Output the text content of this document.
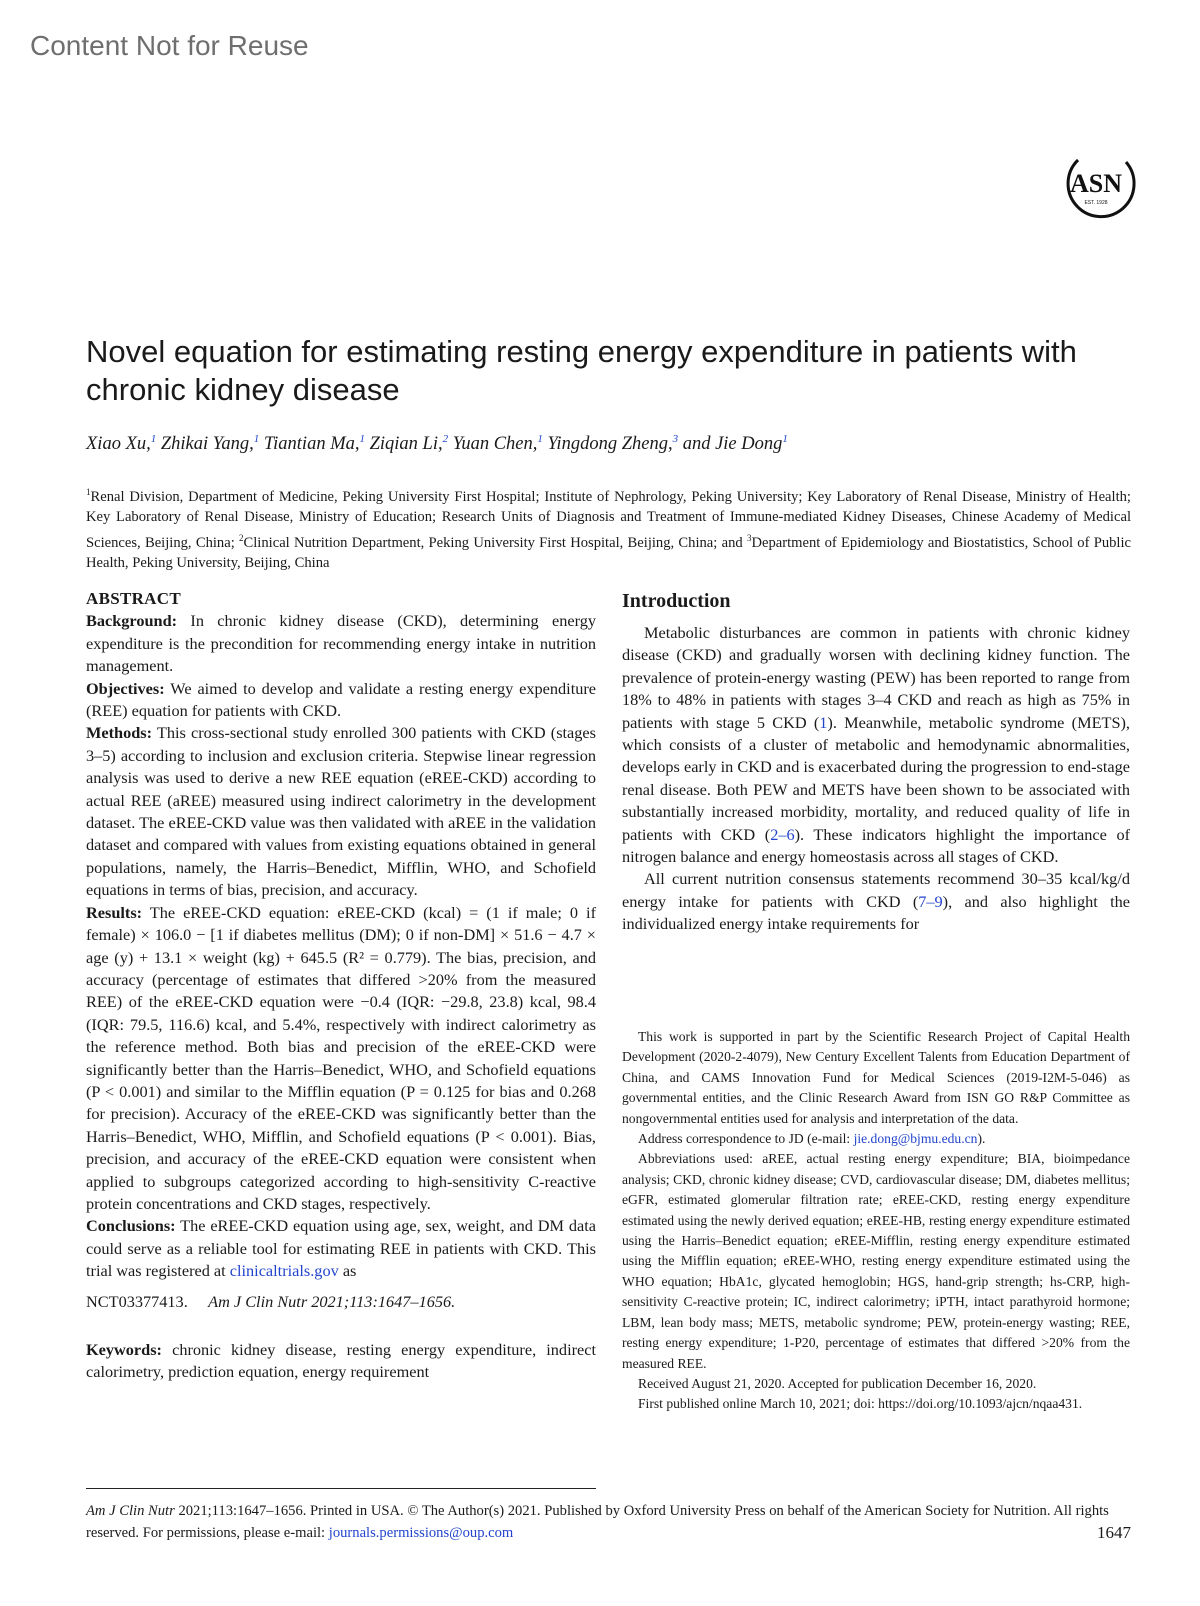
Content Not for Reuse
ASN
EST. 1928
Novel equation for estimating resting energy expenditure in patients with chronic kidney disease
Xiao Xu,$^1$ Zhikai Yang,$^1$ Tiantian Ma,$^1$ Ziqian Li,$^2$ Yuan Chen,$^1$ Yingdong Zheng,$^3$ and Jie Dong$^1$
$^1$Renal Division, Department of Medicine, Peking University First Hospital; Institute of Nephrology, Peking University; Key Laboratory of Renal Disease, Ministry of Health; Key Laboratory of Renal Disease, Ministry of Education; Research Units of Diagnosis and Treatment of Immune-mediated Kidney Diseases, Chinese Academy of Medical Sciences, Beijing, China; $^2$Clinical Nutrition Department, Peking University First Hospital, Beijing, China; and $^3$Department of Epidemiology and Biostatistics, School of Public Health, Peking University, Beijing, China
ABSTRACT

Background: In chronic kidney disease (CKD), determining energy expenditure is the precondition for recommending energy intake in nutrition management.

Objectives: We aimed to develop and validate a resting energy expenditure (REE) equation for patients with CKD.

Methods: This cross-sectional study enrolled 300 patients with CKD (stages 3–5) according to inclusion and exclusion criteria. Stepwise linear regression analysis was used to derive a new REE equation (eREE-CKD) according to actual REE (aREE) measured using indirect calorimetry in the development dataset. The eREE-CKD value was then validated with aREE in the validation dataset and compared with values from existing equations obtained in general populations, namely, the Harris–Benedict, Mifflin, WHO, and Schofield equations in terms of bias, precision, and accuracy.

Results: The eREE-CKD equation: eREE-CKD (kcal) = (1 if male; 0 if female) × 106.0 − [1 if diabetes mellitus (DM); 0 if non-DM] × 51.6 − 4.7 × age (y) + 13.1 × weight (kg) + 645.5 (R² = 0.779). The bias, precision, and accuracy (percentage of estimates that differed >20% from the measured REE) of the eREE-CKD equation were −0.4 (IQR: −29.8, 23.8) kcal, 98.4 (IQR: 79.5, 116.6) kcal, and 5.4%, respectively with indirect calorimetry as the reference method. Both bias and precision of the eREE-CKD were significantly better than the Harris–Benedict, WHO, and Schofield equations (P < 0.001) and similar to the Mifflin equation (P = 0.125 for bias and 0.268 for precision). Accuracy of the eREE-CKD was significantly better than the Harris–Benedict, WHO, Mifflin, and Schofield equations (P < 0.001). Bias, precision, and accuracy of the eREE-CKD equation were consistent when applied to subgroups categorized according to high-sensitivity C-reactive protein concentrations and CKD stages, respectively.

Conclusions: The eREE-CKD equation using age, sex, weight, and DM data could serve as a reliable tool for estimating REE in patients with CKD. This trial was registered at clinicaltrials.gov as

NCT03377413. Am J Clin Nutr 2021;113:1647–1656.

Keywords: chronic kidney disease, resting energy expenditure, indirect calorimetry, prediction equation, energy requirement

Introduction

Metabolic disturbances are common in patients with chronic kidney disease (CKD) and gradually worsen with declining kidney function. The prevalence of protein-energy wasting (PEW) has been reported to range from 18% to 48% in patients with stages 3–4 CKD and reach as high as 75% in patients with stage 5 CKD (1). Meanwhile, metabolic syndrome (METS), which consists of a cluster of metabolic and hemodynamic abnormalities, develops early in CKD and is exacerbated during the progression to end-stage renal disease. Both PEW and METS have been shown to be associated with substantially increased morbidity, mortality, and reduced quality of life in patients with CKD (2–6). These indicators highlight the importance of nitrogen balance and energy homeostasis across all stages of CKD.

All current nutrition consensus statements recommend 30–35 kcal/kg/d energy intake for patients with CKD (7–9), and also highlight the individualized energy intake requirements for

This work is supported in part by the Scientific Research Project of Capital Health Development (2020-2-4079), New Century Excellent Talents from Education Department of China, and CAMS Innovation Fund for Medical Sciences (2019-I2M-5-046) as governmental entities, and the Clinic Research Award from ISN GO R&P Committee as nongovernmental entities used for analysis and interpretation of the data.

Address correspondence to JD (e-mail: jie.dong@bjmu.edu.cn).

Abbreviations used: aREE, actual resting energy expenditure; BIA, bioimpedance analysis; CKD, chronic kidney disease; CVD, cardiovascular disease; DM, diabetes mellitus; eGFR, estimated glomerular filtration rate; eREE-CKD, resting energy expenditure estimated using the newly derived equation; eREE-HB, resting energy expenditure estimated using the Harris–Benedict equation; eREE-Mifflin, resting energy expenditure estimated using the Mifflin equation; eREE-WHO, resting energy expenditure estimated using the WHO equation; HbA1c, glycated hemoglobin; HGS, hand-grip strength; hs-CRP, high-sensitivity C-reactive protein; IC, indirect calorimetry; iPTH, intact parathyroid hormone; LBM, lean body mass; METS, metabolic syndrome; PEW, protein-energy wasting; REE, resting energy expenditure; 1-P20, percentage of estimates that differed >20% from the measured REE.

Received August 21, 2020. Accepted for publication December 16, 2020.

First published online March 10, 2021; doi: https://doi.org/10.1093/ajcn/nqaa431.

Am J Clin Nutr 2021;113:1647–1656. Printed in USA. © The Author(s) 2021. Published by Oxford University Press on behalf of the American Society for Nutrition. All rights reserved. For permissions, please e-mail: journals.permissions@oup.com	1647
